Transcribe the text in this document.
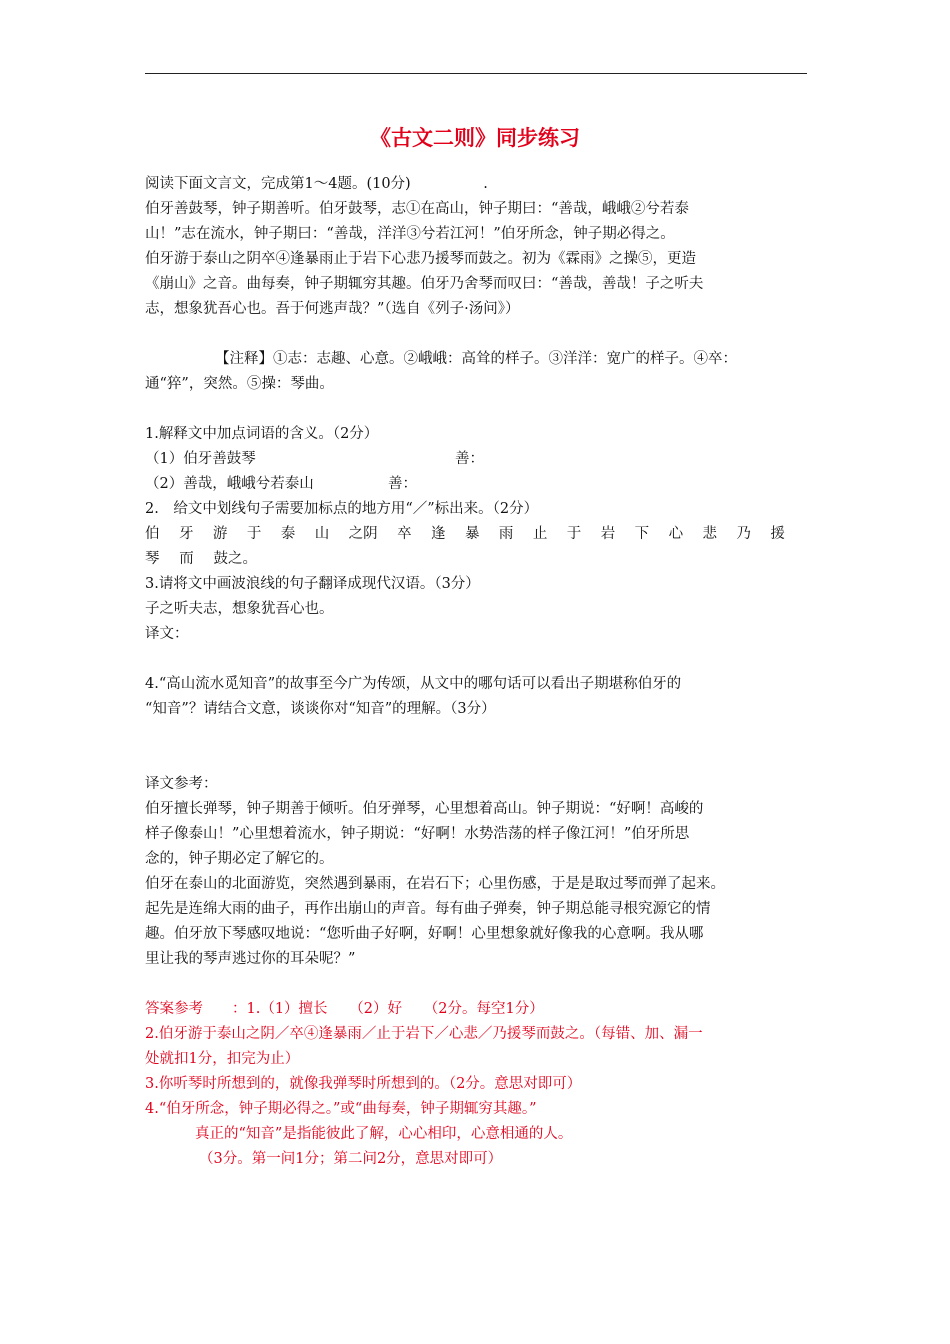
《古文二则》同步练习
阅读下面文言文，完成第1～4题。(10分)　　　　　.
伯牙善鼓琴，钟子期善听。伯牙鼓琴，志①在高山，钟子期曰：“善哉，峨峨②兮若泰
山！”志在流水，钟子期曰：“善哉，洋洋③兮若江河！”伯牙所念，钟子期必得之。
伯牙游于泰山之阴卒④逢暴雨止于岩下心悲乃援琴而鼓之。初为《霖雨》之操⑤，更造
《崩山》之音。曲每奏，钟子期辄穷其趣。伯牙乃舍琴而叹曰：“善哉，善哉！子之听夫
志，想象犹吾心也。吾于何逃声哉？”（选自《列子·汤问》）
【注释】①志：志趣、心意。②峨峨：高耸的样子。③洋洋：宽广的样子。④卒：
通“猝”，突然。⑤操：琴曲。
1.解释文中加点词语的含义。（2分）
（1）伯牙善鼓琴	善：
（2）善哉，峨峨兮若泰山	善：
2.　给文中划线句子需要加标点的地方用“／”标出来。（2分）
伯 牙 游 于 泰 山 之阴 卒 逢 暴 雨 止 于 岩 下 心 悲 乃 援
琴 而 鼓之。
3.请将文中画波浪线的句子翻译成现代汉语。（3分）
子之听夫志，想象犹吾心也。
译文：
4.“高山流水觅知音”的故事至今广为传颂，从文中的哪句话可以看出子期堪称伯牙的
“知音”？请结合文意，谈谈你对“知音”的理解。（3分）
译文参考：
伯牙擅长弹琴，钟子期善于倾听。伯牙弹琴，心里想着高山。钟子期说：“好啊！高峻的
样子像泰山！”心里想着流水，钟子期说：“好啊！水势浩荡的样子像江河！”伯牙所思
念的，钟子期必定了解它的。
伯牙在泰山的北面游览，突然遇到暴雨，在岩石下；心里伤感，于是是取过琴而弹了起来。
起先是连绵大雨的曲子，再作出崩山的声音。每有曲子弹奏，钟子期总能寻根究源它的情
趣。伯牙放下琴感叹地说：“您听曲子好啊，好啊！心里想象就好像我的心意啊。我从哪
里让我的琴声逃过你的耳朵呢？”
答案参考　　：1.（1）擅长　　（2）好　　（2分。每空1分）
2.伯牙游于泰山之阴／卒④逢暴雨／止于岩下／心悲／乃援琴而鼓之。（每错、加、漏一
处就扣1分，扣完为止）
3.你听琴时所想到的，就像我弹琴时所想到的。（2分。意思对即可）
4.“伯牙所念，钟子期必得之。”或“曲每奏，钟子期辄穷其趣。”
真正的“知音”是指能彼此了解，心心相印，心意相通的人。
（3分。第一问1分；第二问2分，意思对即可）
